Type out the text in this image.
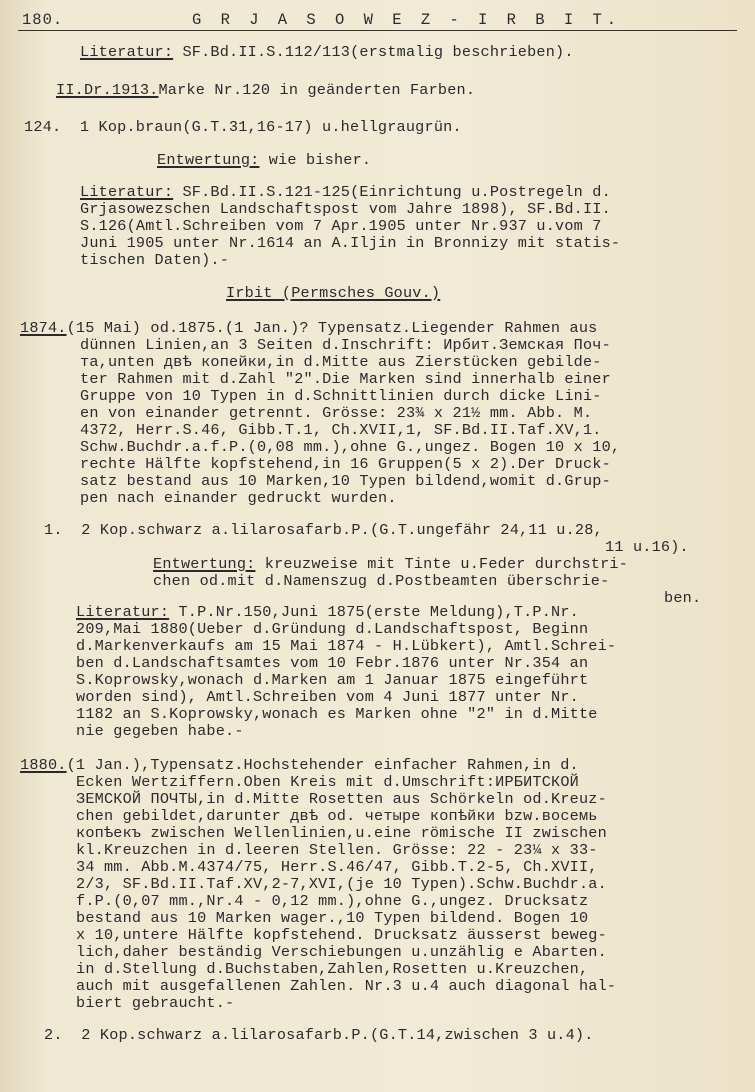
180.	G R J A S O W E Z - I R B I T.
Literatur: SF.Bd.II.S.112/113(erstmalig beschrieben).
II.Dr.1913.Marke Nr.120 in geänderten Farben.
124.  1 Kop.braun(G.T.31,16-17) u.hellgraugrün.
Entwertung: wie bisher.
Literatur: SF.Bd.II.S.121-125(Einrichtung u.Postregeln d.
Grjasowezschen Landschaftspost vom Jahre 1898), SF.Bd.II.
S.126(Amtl.Schreiben vom 7 Apr.1905 unter Nr.937 u.vom 7
Juni 1905 unter Nr.1614 an A.Iljin in Bronnizy mit statis-
tischen Daten).-
Irbit (Permsches Gouv.)
1874.(15 Mai) od.1875.(1 Jan.)? Typensatz.Liegender Rahmen aus
dünnen Linien,an 3 Seiten d.Inschrift: Ирбит.Земская Поч-
та,unten двѣ копейки,in d.Mitte aus Zierstücken gebilde-
ter Rahmen mit d.Zahl "2".Die Marken sind innerhalb einer
Gruppe von 10 Typen in d.Schnittlinien durch dicke Lini-
en von einander getrennt. Grösse: 23¾ x 21½ mm. Abb. M.
4372, Herr.S.46, Gibb.T.1, Ch.XVII,1, SF.Bd.II.Taf.XV,1.
Schw.Buchdr.a.f.P.(0,08 mm.),ohne G.,ungez. Bogen 10 x 10,
rechte Hälfte kopfstehend,in 16 Gruppen(5 x 2).Der Druck-
satz bestand aus 10 Marken,10 Typen bildend,womit d.Grup-
pen nach einander gedruckt wurden.
1.  2 Kop.schwarz a.lilarosafarb.P.(G.T.ungefähr 24,11 u.28,
11 u.16).
Entwertung: kreuzweise mit Tinte u.Feder durchstri-
chen od.mit d.Namenszug d.Postbeamten überschrie-
ben.
Literatur: T.P.Nr.150,Juni 1875(erste Meldung),T.P.Nr.
209,Mai 1880(Ueber d.Gründung d.Landschaftspost, Beginn
d.Markenverkaufs am 15 Mai 1874 - H.Lübkert), Amtl.Schrei-
ben d.Landschaftsamtes vom 10 Febr.1876 unter Nr.354 an
S.Koprowsky,wonach d.Marken am 1 Januar 1875 eingeführt
worden sind), Amtl.Schreiben vom 4 Juni 1877 unter Nr.
1182 an S.Koprowsky,wonach es Marken ohne "2" in d.Mitte
nie gegeben habe.-
1880.(1 Jan.),Typensatz.Hochstehender einfacher Rahmen,in d.
Ecken Wertziffern.Oben Kreis mit d.Umschrift:ИРБИТСКОЙ
ЗЕМСКОЙ ПОЧТЫ,in d.Mitte Rosetten aus Schörkeln od.Kreuz-
chen gebildet,darunter двѣ od. четыре копѣйки bzw.восемь
копѣекъ zwischen Wellenlinien,u.eine römische II zwischen
kl.Kreuzchen in d.leeren Stellen. Grösse: 22 - 23¼ x 33-
34 mm. Abb.M.4374/75, Herr.S.46/47, Gibb.T.2-5, Ch.XVII,
2/3, SF.Bd.II.Taf.XV,2-7,XVI,(je 10 Typen).Schw.Buchdr.a.
f.P.(0,07 mm.,Nr.4 - 0,12 mm.),ohne G.,ungez. Drucksatz
bestand aus 10 Marken wager.,10 Typen bildend. Bogen 10
x 10,untere Hälfte kopfstehend. Drucksatz äusserst beweg-
lich,daher beständig Verschiebungen u.unzählig e Abarten.
in d.Stellung d.Buchstaben,Zahlen,Rosetten u.Kreuzchen,
auch mit ausgefallenen Zahlen. Nr.3 u.4 auch diagonal hal-
biert gebraucht.-
2.  2 Kop.schwarz a.lilarosafarb.P.(G.T.14,zwischen 3 u.4).
